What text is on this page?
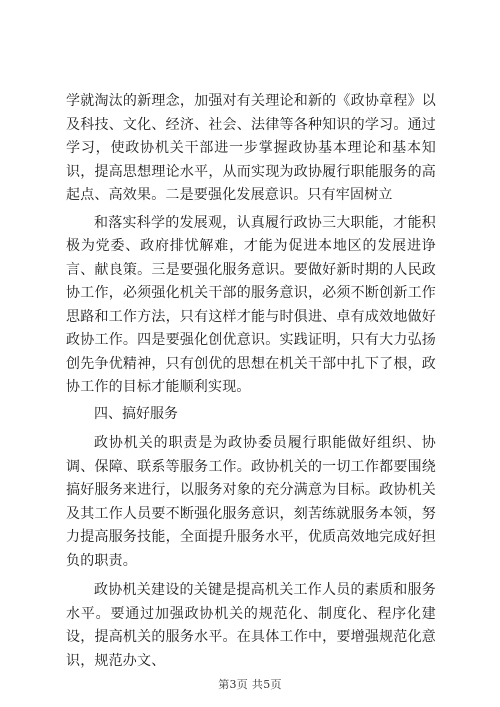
学就淘汰的新理念，加强对有关理论和新的《政协章程》以及科技、文化、经济、社会、法律等各种知识的学习。通过学习，使政协机关干部进一步掌握政协基本理论和基本知识，提高思想理论水平，从而实现为政协履行职能服务的高起点、高效果。二是要强化发展意识。只有牢固树立

和落实科学的发展观，认真履行政协三大职能，才能积极为党委、政府排忧解难，才能为促进本地区的发展进诤言、献良策。三是要强化服务意识。要做好新时期的人民政协工作，必须强化机关干部的服务意识，必须不断创新工作思路和工作方法，只有这样才能与时俱进、卓有成效地做好政协工作。四是要强化创优意识。实践证明，只有大力弘扬创先争优精神，只有创优的思想在机关干部中扎下了根，政协工作的目标才能顺利实现。

四、搞好服务

政协机关的职责是为政协委员履行职能做好组织、协调、保障、联系等服务工作。政协机关的一切工作都要围绕搞好服务来进行，以服务对象的充分满意为目标。政协机关及其工作人员要不断强化服务意识，刻苦练就服务本领，努力提高服务技能，全面提升服务水平，优质高效地完成好担负的职责。

政协机关建设的关键是提高机关工作人员的素质和服务水平。要通过加强政协机关的规范化、制度化、程序化建设，提高机关的服务水平。在具体工作中，要增强规范化意识，规范办文、

第3页 共5页
